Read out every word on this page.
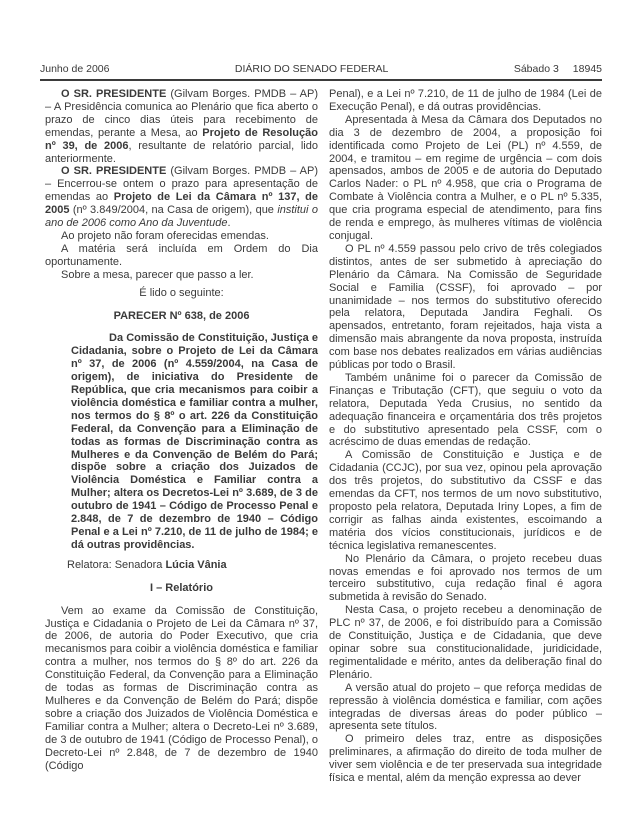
Junho de 2006	DIÁRIO DO SENADO FEDERAL	Sábado 3 18945

O SR. PRESIDENTE (Gilvam Borges. PMDB – AP) – A Presidência comunica ao Plenário que fica aberto o prazo de cinco dias úteis para recebimento de emendas, perante a Mesa, ao Projeto de Resolução nº 39, de 2006, resultante de relatório parcial, lido anteriormente.

O SR. PRESIDENTE (Gilvam Borges. PMDB – AP) – Encerrou-se ontem o prazo para apresentação de emendas ao Projeto de Lei da Câmara nº 137, de 2005 (nº 3.849/2004, na Casa de origem), que institui o ano de 2006 como Ano da Juventude.

Ao projeto não foram oferecidas emendas.

A matéria será incluída em Ordem do Dia oportunamente.

Sobre a mesa, parecer que passo a ler.

É lido o seguinte:

PARECER Nº 638, de 2006

Da Comissão de Constituição, Justiça e Cidadania, sobre o Projeto de Lei da Câmara nº 37, de 2006 (nº 4.559/2004, na Casa de origem), de iniciativa do Presidente de República, que cria mecanismos para coibir a violência doméstica e familiar contra a mulher, nos termos do § 8º o art. 226 da Constituição Federal, da Convenção para a Eliminação de todas as formas de Discriminação contra as Mulheres e da Convenção de Belém do Pará; dispõe sobre a criação dos Juizados de Violência Doméstica e Familiar contra a Mulher; altera os Decretos-Lei nº 3.689, de 3 de outubro de 1941 – Código de Processo Penal e 2.848, de 7 de dezembro de 1940 – Código Penal e a Lei nº 7.210, de 11 de julho de 1984; e dá outras providências.

Relatora: Senadora Lúcia Vânia

I – Relatório

Vem ao exame da Comissão de Constituição, Justiça e Cidadania o Projeto de Lei da Câmara nº 37, de 2006, de autoria do Poder Executivo, que cria mecanismos para coibir a violência doméstica e familiar contra a mulher, nos termos do § 8º do art. 226 da Constituição Federal, da Convenção para a Eliminação de todas as formas de Discriminação contra as Mulheres e da Convenção de Belém do Pará; dispõe sobre a criação dos Juizados de Violência Doméstica e Familiar contra a Mulher; altera o Decreto-Lei nº 3.689, de 3 de outubro de 1941 (Código de Processo Penal), o Decreto-Lei nº 2.848, de 7 de dezembro de 1940 (Código

Penal), e a Lei nº 7.210, de 11 de julho de 1984 (Lei de Execução Penal), e dá outras providências.

Apresentada à Mesa da Câmara dos Deputados no dia 3 de dezembro de 2004, a proposição foi identificada como Projeto de Lei (PL) nº 4.559, de 2004, e tramitou – em regime de urgência – com dois apensados, ambos de 2005 e de autoria do Deputado Carlos Nader: o PL nº 4.958, que cria o Programa de Combate à Violência contra a Mulher, e o PL nº 5.335, que cria programa especial de atendimento, para fins de renda e emprego, às mulheres vítimas de violência conjugal.

O PL nº 4.559 passou pelo crivo de três colegiados distintos, antes de ser submetido à apreciação do Plenário da Câmara. Na Comissão de Seguridade Social e Familia (CSSF), foi aprovado – por unanimidade – nos termos do substitutivo oferecido pela relatora, Deputada Jandira Feghali. Os apensados, entretanto, foram rejeitados, haja vista a dimensão mais abrangente da nova proposta, instruída com base nos debates realizados em várias audiências públicas por todo o Brasil.

Também unânime foi o parecer da Comissão de Finanças e Tributação (CFT), que seguiu o voto da relatora, Deputada Yeda Crusius, no sentido da adequação financeira e orçamentária dos três projetos e do substitutivo apresentado pela CSSF, com o acréscimo de duas emendas de redação.

A Comissão de Constituição e Justiça e de Cidadania (CCJC), por sua vez, opinou pela aprovação dos três projetos, do substitutivo da CSSF e das emendas da CFT, nos termos de um novo substitutivo, proposto pela relatora, Deputada Iriny Lopes, a fim de corrigir as falhas ainda existentes, escoimando a matéria dos vícios constitucionais, jurídicos e de técnica legislativa remanescentes.

No Plenário da Câmara, o projeto recebeu duas novas emendas e foi aprovado nos termos de um terceiro substitutivo, cuja redação final é agora submetida à revisão do Senado.

Nesta Casa, o projeto recebeu a denominação de PLC nº 37, de 2006, e foi distribuído para a Comissão de Constituição, Justiça e de Cidadania, que deve opinar sobre sua constitucionalidade, juridicidade, regimentalidade e mérito, antes da deliberação final do Plenário.

A versão atual do projeto – que reforça medidas de repressão à violência doméstica e familiar, com ações integradas de diversas áreas do poder público – apresenta sete títulos.

O primeiro deles traz, entre as disposições preliminares, a afirmação do direito de toda mulher de viver sem violência e de ter preservada sua integridade física e mental, além da menção expressa ao dever
